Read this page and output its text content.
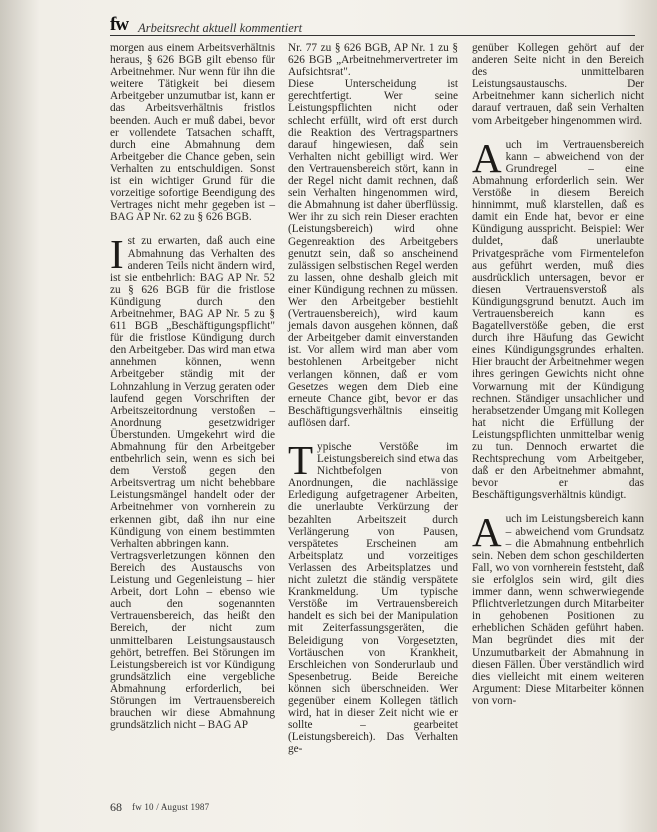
fw Arbeitsrecht aktuell kommentiert

morgen aus einem Arbeitsverhältnis heraus, § 626 BGB gilt ebenso für Arbeitnehmer. Nur wenn für ihn die weitere Tätigkeit bei diesem Arbeitgeber unzumutbar ist, kann er das Arbeitsverhältnis fristlos beenden. Auch er muß dabei, bevor er vollendete Tatsachen schafft, durch eine Abmahnung dem Arbeitgeber die Chance geben, sein Verhalten zu entschuldigen. Sonst ist ein wichtiger Grund für die vorzeitige sofortige Beendigung des Vertrages nicht mehr gegeben ist – BAG AP Nr. 62 zu § 626 BGB.

Ist zu erwarten, daß auch eine Abmahnung das Verhalten des anderen Teils nicht ändern wird, ist sie entbehrlich: BAG AP Nr. 52 zu § 626 BGB für die fristlose Kündigung durch den Arbeitnehmer, BAG AP Nr. 5 zu § 611 BGB „Beschäftigungspflicht" für die fristlose Kündigung durch den Arbeitgeber. Das wird man etwa annehmen können, wenn Arbeitgeber ständig mit der Lohnzahlung in Verzug geraten oder laufend gegen Vorschriften der Arbeitszeitordnung verstoßen – Anordnung gesetzwidriger Überstunden. Umgekehrt wird die Abmahnung für den Arbeitgeber entbehrlich sein, wenn es sich bei dem Verstoß gegen den Arbeitsvertrag um nicht behebbare Leistungsmängel handelt oder der Arbeitnehmer von vornherein zu erkennen gibt, daß ihn nur eine Kündigung von einem bestimmten Verhalten abbringen kann.

Vertragsverletzungen können den Bereich des Austauschs von Leistung und Gegenleistung – hier Arbeit, dort Lohn – ebenso wie auch den sogenannten Vertrauensbereich, das heißt den Bereich, der nicht zum unmittelbaren Leistungsaustausch gehört, betreffen. Bei Störungen im Leistungsbereich ist vor Kündigung grundsätzlich eine vergebliche Abmahnung erforderlich, bei Störungen im Vertrauensbereich brauchen wir diese Abmahnung grundsätzlich nicht – BAG AP

Nr. 77 zu § 626 BGB, AP Nr. 1 zu § 626 BGB „Arbeitnehmervertreter im Aufsichtsrat".

Diese Unterscheidung ist gerechtfertigt. Wer seine Leistungspflichten nicht oder schlecht erfüllt, wird oft erst durch die Reaktion des Vertragspartners darauf hingewiesen, daß sein Verhalten nicht gebilligt wird. Wer den Vertrauensbereich stört, kann in der Regel nicht damit rechnen, daß sein Verhalten hingenommen wird, die Abmahnung ist daher überflüssig. Wer ihr zu sich rein Dieser erachten (Leistungsbereich) wird ohne Gegenreaktion des Arbeitgebers genutzt sein, daß so anscheinend zulässigen selbstischen Regel werden zu lassen, ohne deshalb gleich mit einer Kündigung rechnen zu müssen. Wer den Arbeitgeber bestiehlt (Vertrauensbereich), wird kaum jemals davon ausgehen können, daß der Arbeitgeber damit einverstanden ist. Vor allem wird man aber vom bestohlenen Arbeitgeber nicht verlangen können, daß er vom Gesetzes wegen dem Dieb eine erneute Chance gibt, bevor er das Beschäftigungsverhältnis einseitig auflösen darf.

Typische Verstöße im Leistungsbereich sind etwa das Nichtbefolgen von Anordnungen, die nachlässige Erledigung aufgetragener Arbeiten, die unerlaubte Verkürzung der bezahlten Arbeitszeit durch Verlängerung von Pausen, verspätetes Erscheinen am Arbeitsplatz und vorzeitiges Verlassen des Arbeitsplatzes und nicht zuletzt die ständig verspätete Krankmeldung. Um typische Verstöße im Vertrauensbereich handelt es sich bei der Manipulation mit Zeiterfassungsgeräten, die Beleidigung von Vorgesetzten, Vortäuschen von Krankheit, Erschleichen von Sonderurlaub und Spesenbetrug. Beide Bereiche können sich überschneiden. Wer gegenüber einem Kollegen tätlich wird, hat in dieser Zeit nicht wie er sollte – gearbeitet (Leistungsbereich). Das Verhalten ge-

genüber Kollegen gehört auf der anderen Seite nicht in den Bereich des unmittelbaren Leistungsaustauschs. Der Arbeitnehmer kann sicherlich nicht darauf vertrauen, daß sein Verhalten vom Arbeitgeber hingenommen wird.

Auch im Vertrauensbereich kann – abweichend von der Grundregel – eine Abmahnung erforderlich sein. Wer Verstöße in diesem Bereich hinnimmt, muß klarstellen, daß es damit ein Ende hat, bevor er eine Kündigung ausspricht. Beispiel: Wer duldet, daß unerlaubte Privatgespräche vom Firmentelefon aus geführt werden, muß dies ausdrücklich untersagen, bevor er diesen Vertrauensverstoß als Kündigungsgrund benutzt. Auch im Vertrauensbereich kann es Bagatellverstöße geben, die erst durch ihre Häufung das Gewicht eines Kündigungsgrundes erhalten. Hier braucht der Arbeitnehmer wegen ihres geringen Gewichts nicht ohne Vorwarnung mit der Kündigung rechnen. Ständiger unsachlicher und herabsetzender Umgang mit Kollegen hat nicht die Erfüllung der Leistungspflichten unmittelbar wenig zu tun. Dennoch erwartet die Rechtsprechung vom Arbeitgeber, daß er den Arbeitnehmer abmahnt, bevor er das Beschäftigungsverhältnis kündigt.

Auch im Leistungsbereich kann – abweichend vom Grundsatz – die Abmahnung entbehrlich sein. Neben dem schon geschilderten Fall, wo von vornherein feststeht, daß sie erfolglos sein wird, gilt dies immer dann, wenn schwerwiegende Pflichtverletzungen durch Mitarbeiter in gehobenen Positionen zu erheblichen Schäden geführt haben. Man begründet dies mit der Unzumutbarkeit der Abmahnung in diesen Fällen. Über verständlich wird dies vielleicht mit einem weiteren Argument: Diese Mitarbeiter können von vorn-

68 fw 10 / August 1987
